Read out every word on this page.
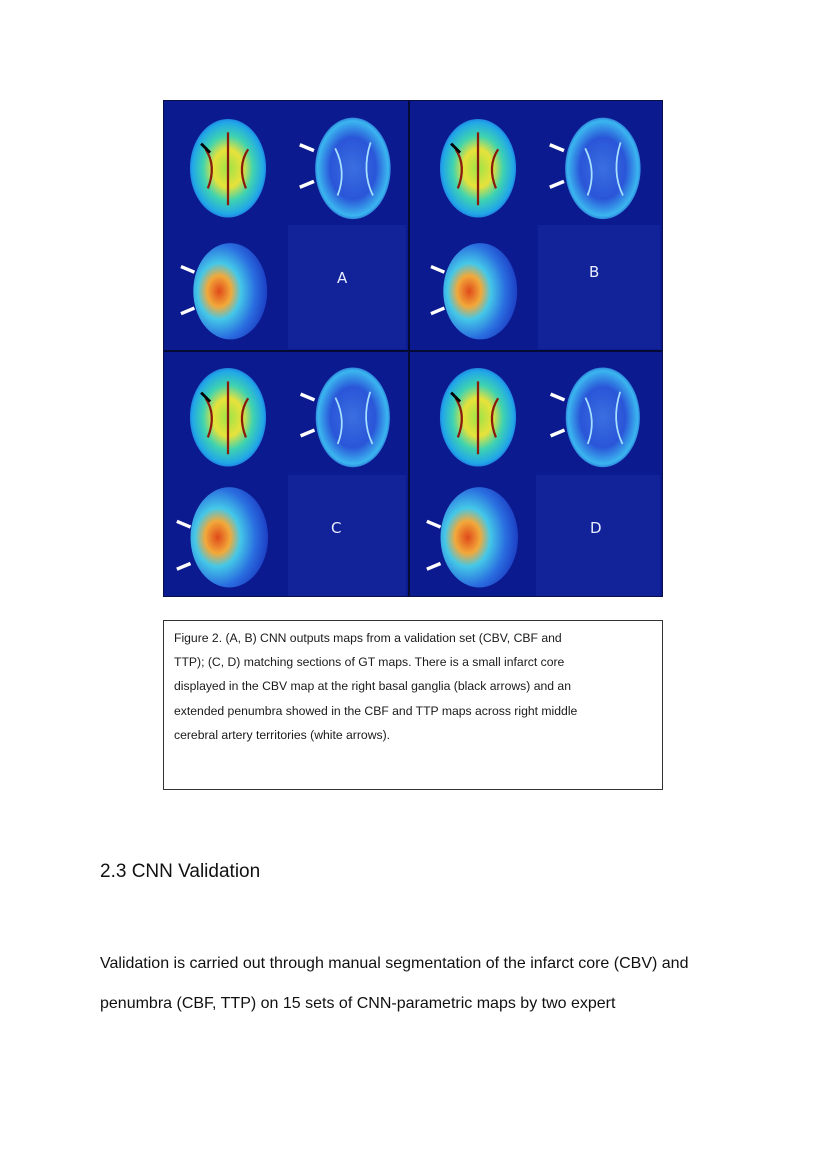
A	B
C	D

Figure 2. (A, B) CNN outputs maps from a validation set (CBV, CBF and

TTP); (C, D) matching sections of GT maps. There is a small infarct core

displayed in the CBV map at the right basal ganglia (black arrows) and an

extended penumbra showed in the CBF and TTP maps across right middle

cerebral artery territories (white arrows).

2.3 CNN Validation
Validation is carried out through manual segmentation of the infarct core (CBV) and
penumbra (CBF, TTP) on 15 sets of CNN-parametric maps by two expert
